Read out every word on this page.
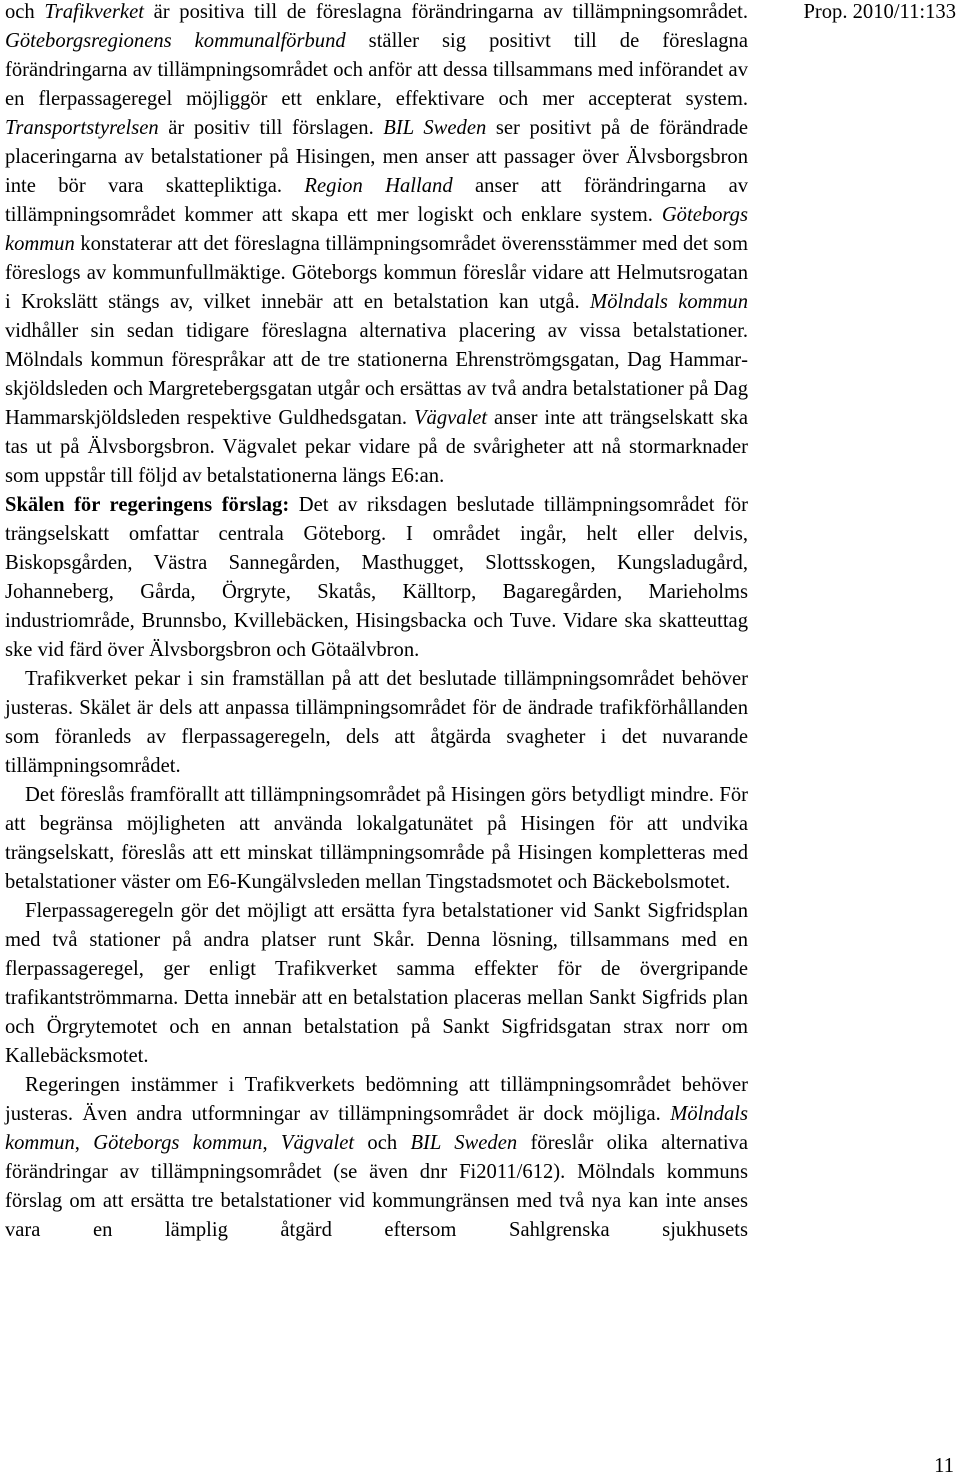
och Trafikverket är positiva till de föreslagna förändringarna av tillämpningsområdet. Göteborgsregionens kommunalförbund ställer sig positivt till de föreslagna förändringarna av tillämpningsområdet och anför att dessa tillsammans med införandet av en flerpassageregel möjliggör ett enklare, effektivare och mer accepterat system. Transportstyrelsen är positiv till förslagen. BIL Sweden ser positivt på de förändrade placeringarna av betalstationer på Hisingen, men anser att passager över Älvsborgsbron inte bör vara skattepliktiga. Region Halland anser att förändringarna av tillämpningsområdet kommer att skapa ett mer logiskt och enklare system. Göteborgs kommun konstaterar att det föreslagna tillämpningsområdet överensstämmer med det som föreslogs av kommunfullmäktige. Göteborgs kommun föreslår vidare att Helmutsrogatan i Krokslätt stängs av, vilket innebär att en betalstation kan utgå. Mölndals kommun vidhåller sin sedan tidigare föreslagna alternativa placering av vissa betalstationer. Mölndals kommun förespråkar att de tre stationerna Ehrenströmgsgatan, Dag Hammarskjöldsleden och Margretebergsgatan utgår och ersättas av två andra betalstationer på Dag Hammarskjöldsleden respektive Guldhedsgatan. Vägvalet anser inte att trängselskatt ska tas ut på Älvsborgsbron. Vägvalet pekar vidare på de svårigheter att nå stormarknader som uppstår till följd av betalstationerna längs E6:an.

Skälen för regeringens förslag: Det av riksdagen beslutade tillämpningsområdet för trängselskatt omfattar centrala Göteborg. I området ingår, helt eller delvis, Biskopsgården, Västra Sannegården, Masthugget, Slottsskogen, Kungsladugård, Johanneberg, Gårda, Örgryte, Skatås, Källtorp, Bagaregården, Marieholms industriområde, Brunnsbo, Kvillebäcken, Hisingsbacka och Tuve. Vidare ska skatteuttag ske vid färd över Älvsborgsbron och Götaälvbron.

Trafikverket pekar i sin framställan på att det beslutade tillämpningsområdet behöver justeras. Skälet är dels att anpassa tillämpningsområdet för de ändrade trafikförhållanden som föranleds av flerpassageregeln, dels att åtgärda svagheter i det nuvarande tillämpningsområdet.

Det föreslås framförallt att tillämpningsområdet på Hisingen görs betydligt mindre. För att begränsa möjligheten att använda lokalgatunätet på Hisingen för att undvika trängselskatt, föreslås att ett minskat tillämpningsområde på Hisingen kompletteras med betalstationer väster om E6-Kungälvsleden mellan Tingstadsmotet och Bäckebolsmotet.

Flerpassageregeln gör det möjligt att ersätta fyra betalstationer vid Sankt Sigfridsplan med två stationer på andra platser runt Skår. Denna lösning, tillsammans med en flerpassageregel, ger enligt Trafikverket samma effekter för de övergripande trafikantströmmarna. Detta innebär att en betalstation placeras mellan Sankt Sigfrids plan och Örgrytemotet och en annan betalstation på Sankt Sigfridsgatan strax norr om Kallebäcksmotet.

Regeringen instämmer i Trafikverkets bedömning att tillämpningsområdet behöver justeras. Även andra utformningar av tillämpningsområdet är dock möjliga. Mölndals kommun, Göteborgs kommun, Vägvalet och BIL Sweden föreslår olika alternativa förändringar av tillämpningsområdet (se även dnr Fi2011/612). Mölndals kommuns förslag om att ersätta tre betalstationer vid kommungränsen med två nya kan inte anses vara en lämplig åtgärd eftersom Sahlgrenska sjukhusets

Prop. 2010/11:133
11
